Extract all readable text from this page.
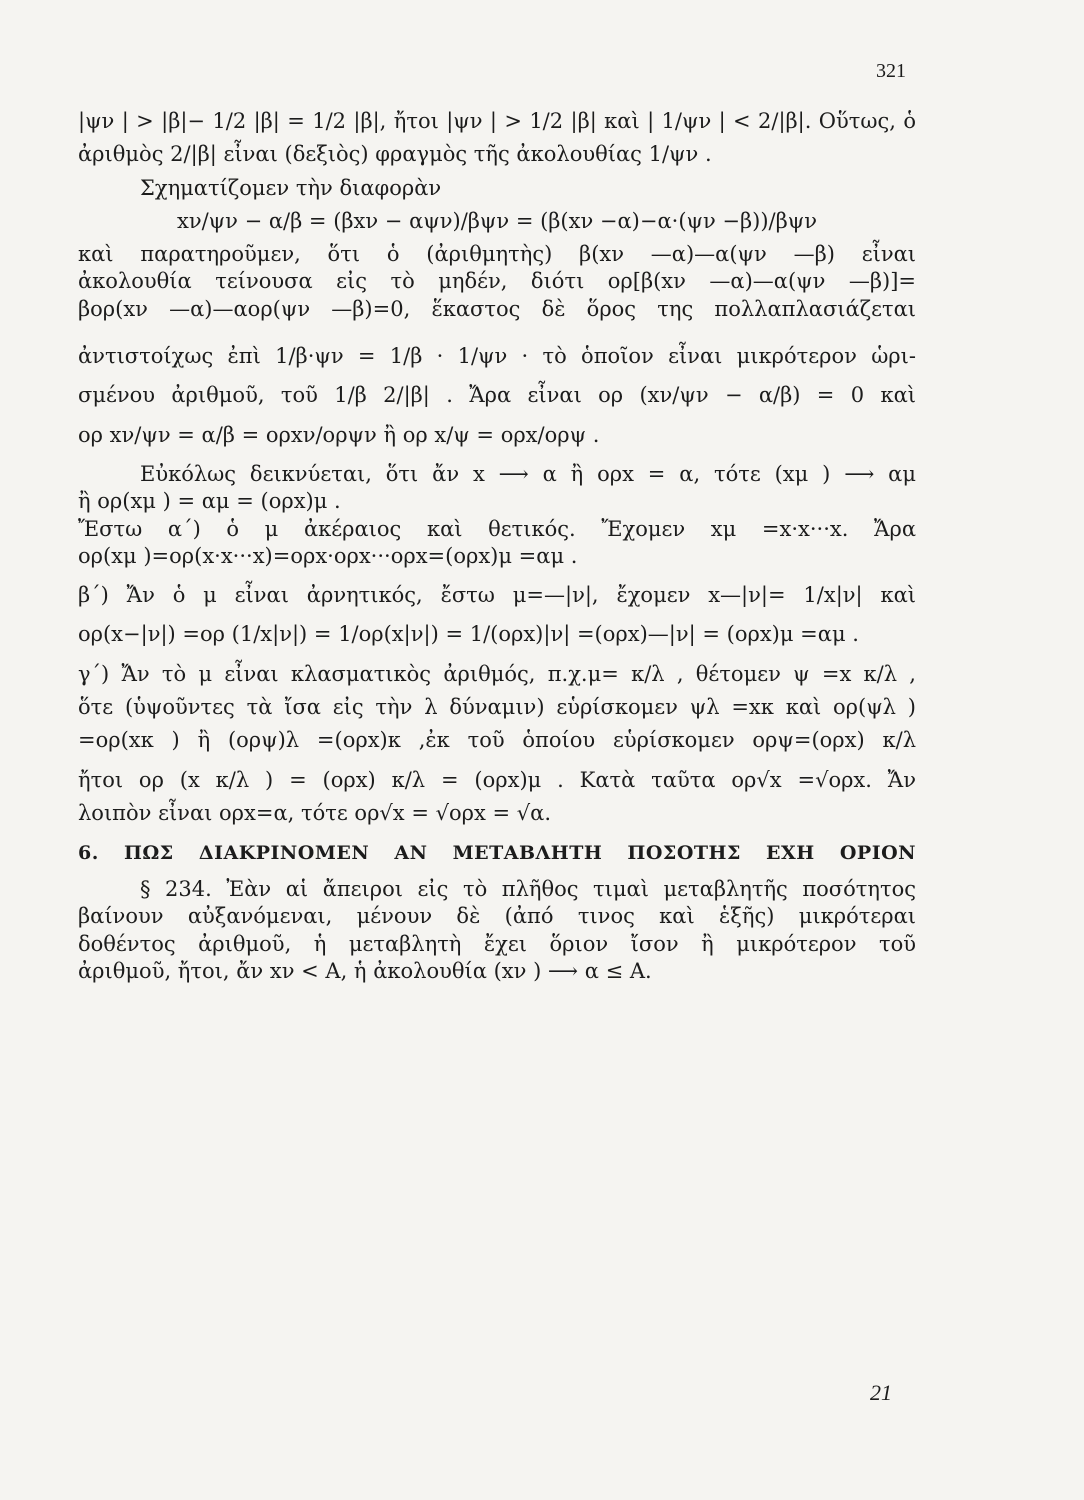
321

|ψν | > |β|− 1/2 |β| = 1/2 |β|, ἤτοι |ψν | > 1/2 |β| καὶ | 1/ψν | < 2/|β|. Οὕτως, ὁ

ἀριθμὸς 2/|β| εἶναι (δεξιὸς) φραγμὸς τῆς ἀκολουθίας 1/ψν .

Σχηματίζομεν τὴν διαφορὰν

xν/ψν − α/β = (βxν − αψν)/βψν = (β(xν −α)−α·(ψν −β))/βψν

καὶ παρατηροῦμεν, ὅτι ὁ (ἀριθμητὴς) β(xν —α)—α(ψν —β) εἶναι

ἀκολουθία τείνουσα εἰς τὸ μηδέν, διότι oρ[β(xν —α)—α(ψν —β)]=

βoρ(xν —α)—αoρ(ψν —β)=0, ἕκαστος δὲ ὅρος της πολλαπλασιάζεται

ἀντιστοίχως ἐπὶ 1/β·ψν = 1/β · 1/ψν · τὸ ὁποῖον εἶναι μικρότερον ὡρι-

σμένου ἀριθμοῦ, τοῦ 1/β 2/|β| . Ἄρα εἶναι oρ (xν/ψν − α/β) = 0 καὶ

oρ xν/ψν = α/β = oρxν/oρψν ἢ oρ x/ψ = oρx/oρψ .

Εὐκόλως δεικνύεται, ὅτι ἄν x ⟶ α ἢ oρx = α, τότε (xμ ) ⟶ αμ

ἢ oρ(xμ ) = αμ = (oρx)μ .

Ἔστω α΄) ὁ μ ἀκέραιος καὶ θετικός. Ἔχομεν xμ =x·x···x. Ἄρα

oρ(xμ )=oρ(x·x···x)=oρx·oρx···oρx=(oρx)μ =αμ .

β΄) Ἄν ὁ μ εἶναι ἀρνητικός, ἔστω μ=—|ν|, ἔχομεν x—|ν|= 1/x|ν| καὶ

oρ(x−|ν|) =oρ (1/x|ν|) = 1/oρ(x|ν|) = 1/(oρx)|ν| =(oρx)—|ν| = (oρx)μ =αμ .

γ΄) Ἄν τὸ μ εἶναι κλασματικὸς ἀριθμός, π.χ.μ= κ/λ , θέτομεν ψ =x κ/λ ,

ὅτε (ὑψοῦντες τὰ ἴσα εἰς τὴν λ δύναμιν) εὑρίσκομεν ψλ =xκ καὶ oρ(ψλ )

=oρ(xκ ) ἢ (oρψ)λ =(oρx)κ ,ἐκ τοῦ ὁποίου εὑρίσκομεν oρψ=(oρx) κ/λ

ἤτοι oρ (x κ/λ ) = (oρx) κ/λ = (oρx)μ . Κατὰ ταῦτα oρ√x =√oρx. Ἄν

λοιπὸν εἶναι oρx=α, τότε oρ√x = √oρx = √α.

6. ΠΩΣ ΔΙΑΚΡΙΝΟΜΕΝ ΑΝ ΜΕΤΑΒΛΗΤΗ ΠΟΣΟΤΗΣ ΕΧΗ ΟΡΙΟΝ

§ 234. Ἐὰν αἱ ἄπειροι εἰς τὸ πλῆθος τιμαὶ μεταβλητῆς ποσότητος

βαίνουν αὐξανόμεναι, μένουν δὲ (ἀπό τινος καὶ ἑξῆς) μικρότεραι

δοθέντος ἀριθμοῦ, ἡ μεταβλητὴ ἔχει ὅριον ἴσον ἢ μικρότερον τοῦ

ἀριθμοῦ, ἤτοι, ἄν xν < Α, ἡ ἀκολουθία (xν ) ⟶ α ≤ Α.

21
